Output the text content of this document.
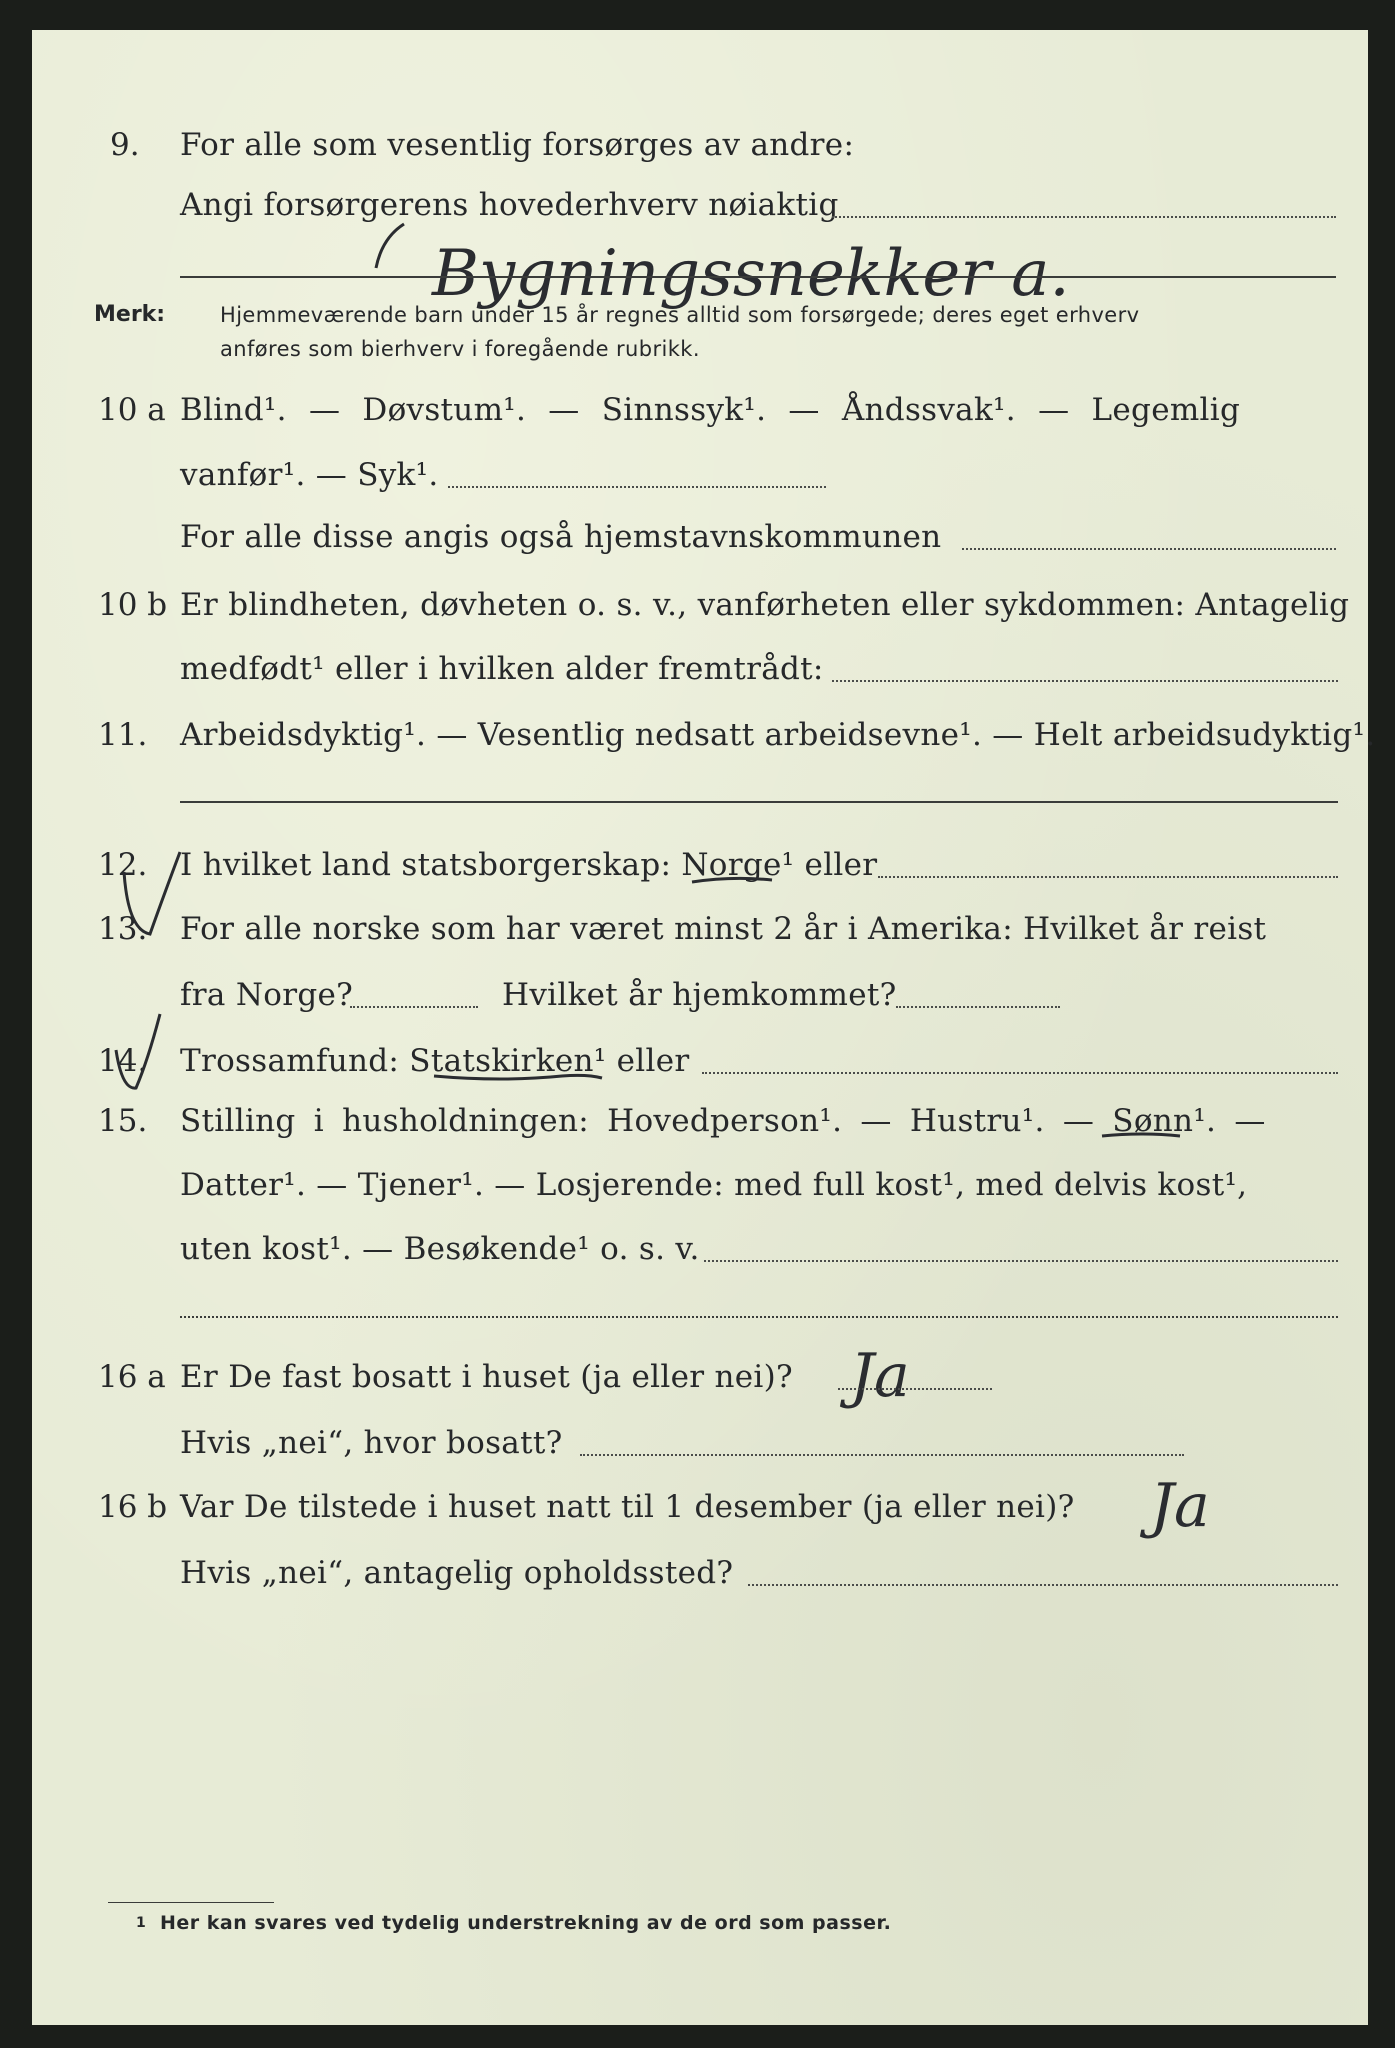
9. For alle som vesentlig forsørges av andre:
Angi forsørgerens hovederhverv nøiaktig
Bygningssnekker a.
Merk:	Hjemmeværende barn under 15 år regnes alltid som forsørgede; deres eget erhverv
anføres som bierhverv i foregående rubrikk.
10 a Blind¹. — Døvstum¹. — Sinnssyk¹. — Åndssvak¹. — Legemlig
vanfør¹. — Syk¹.
For alle disse angis også hjemstavnskommunen
10 b Er blindheten, døvheten o. s. v., vanførheten eller sykdommen: Antagelig
medfødt¹ eller i hvilken alder fremtrådt:
11. Arbeidsdyktig¹. — Vesentlig nedsatt arbeidsevne¹. — Helt arbeidsudyktig¹.
12. I hvilket land statsborgerskap: Norge¹ eller
13. For alle norske som har været minst 2 år i Amerika: Hvilket år reist
fra Norge?	Hvilket år hjemkommet?
14. Trossamfund: Statskirken¹ eller
15. Stilling i husholdningen: Hovedperson¹. — Hustru¹. — Sønn¹. —
Datter¹. — Tjener¹. — Losjerende: med full kost¹, med delvis kost¹,
uten kost¹. — Besøkende¹ o. s. v.
16 a Er De fast bosatt i huset (ja eller nei)? Ja
Hvis „nei“, hvor bosatt?
16 b Var De tilstede i huset natt til 1 desember (ja eller nei)? Ja
Hvis „nei“, antagelig opholdssted?
1 Her kan svares ved tydelig understrekning av de ord som passer.
